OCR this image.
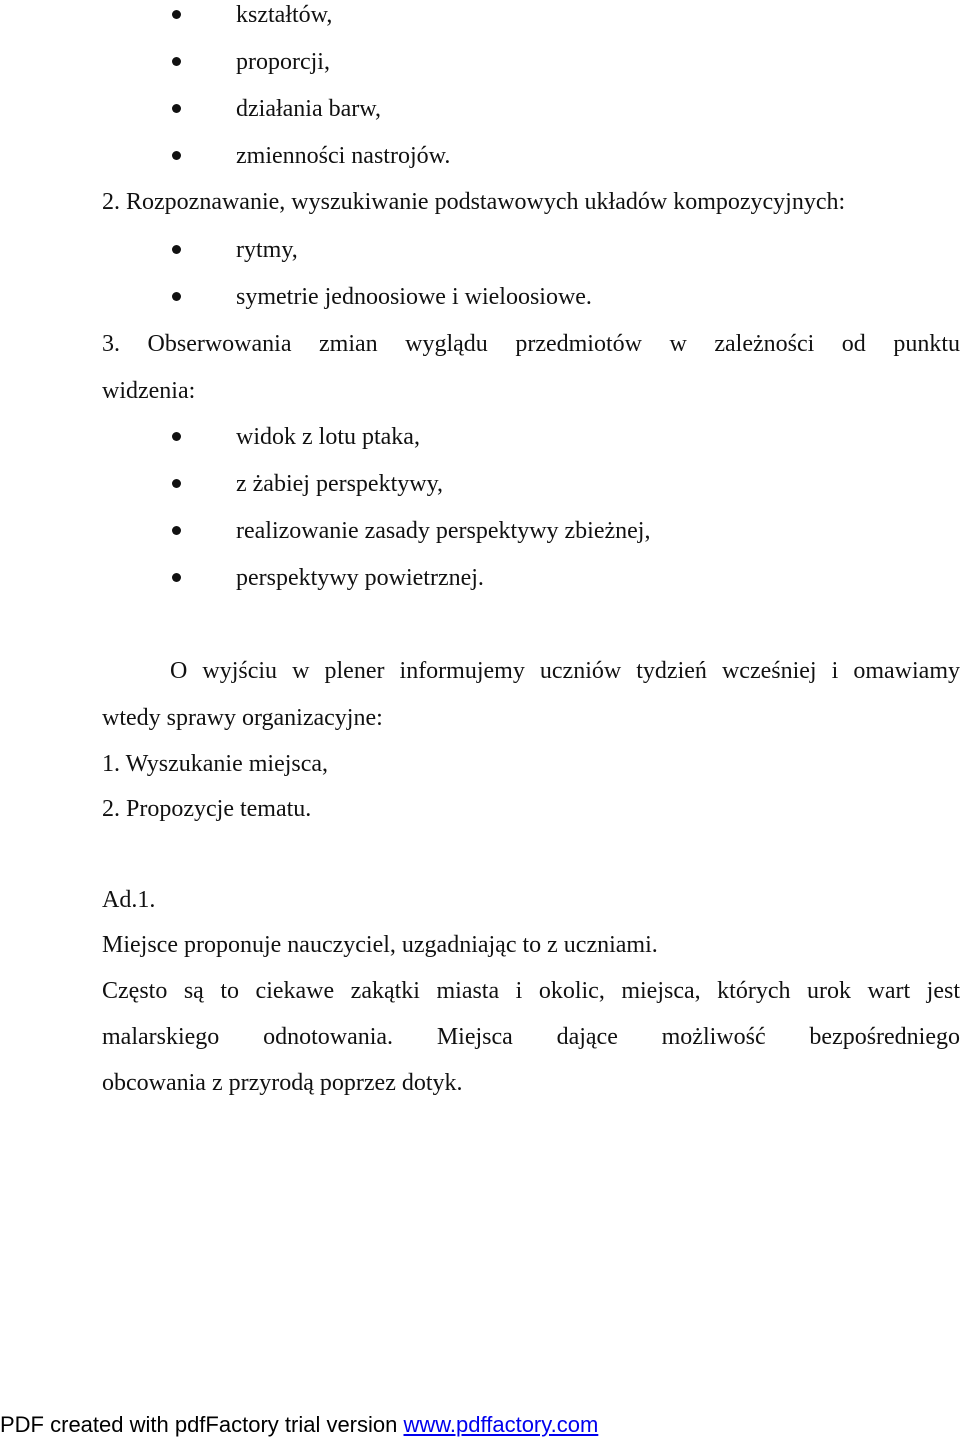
kształtów,
proporcji,
działania barw,
zmienności nastrojów.
2. Rozpoznawanie, wyszukiwanie podstawowych układów kompozycyjnych:
rytmy,
symetrie jednoosiowe i wieloosiowe.
3. Obserwowania zmian wyglądu przedmiotów w zależności od punktu
widzenia:
widok z lotu ptaka,
z żabiej perspektywy,
realizowanie zasady perspektywy zbieżnej,
perspektywy powietrznej.
O wyjściu w plener informujemy uczniów tydzień wcześniej i omawiamy
wtedy sprawy organizacyjne:
1. Wyszukanie miejsca,
2. Propozycje tematu.
Ad.1.
Miejsce proponuje nauczyciel, uzgadniając to z uczniami.
Często są to ciekawe zakątki miasta i okolic, miejsca, których urok wart jest
malarskiego odnotowania. Miejsca dające możliwość bezpośredniego
obcowania z przyrodą poprzez dotyk.
PDF created with pdfFactory trial version www.pdffactory.com
